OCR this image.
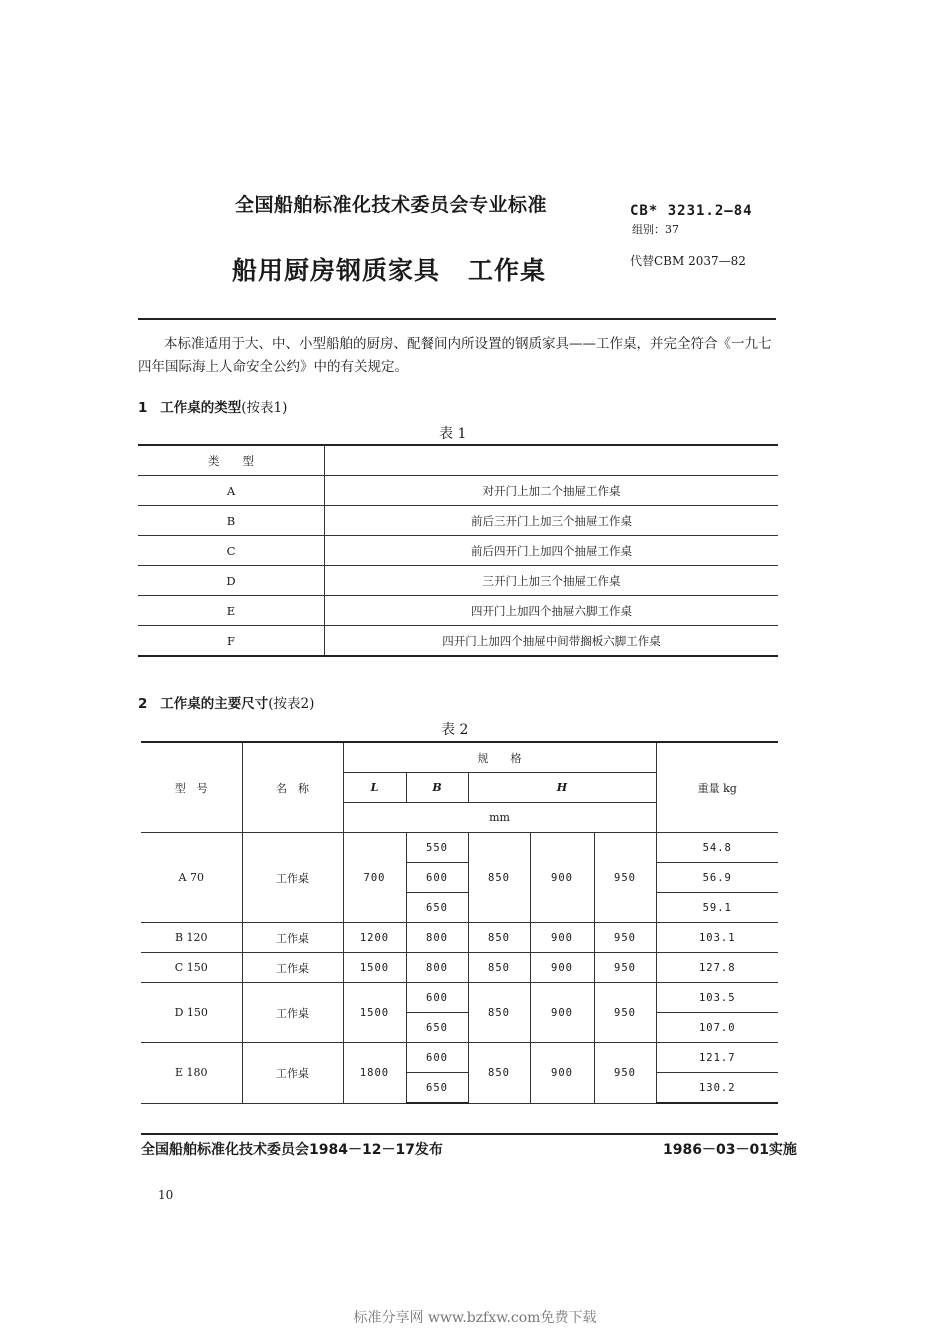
全国船舶标准化技术委员会专业标准
船用厨房钢质家具 工作桌
CB* 3231.2—84
组别：37
代替CBM 2037—82
本标准适用于大、中、小型船舶的厨房、配餐间内所设置的钢质家具——工作桌，并完全符合《一九七四年国际海上人命安全公约》中的有关规定。
1 工作桌的类型(按表1)
表 1
类　　型	
A	对开门上加二个抽屉工作桌
B	前后三开门上加三个抽屉工作桌
C	前后四开门上加四个抽屉工作桌
D	三开门上加三个抽屉工作桌
E	四开门上加四个抽屉六脚工作桌
F	四开门上加四个抽屉中间带搁板六脚工作桌
2 工作桌的主要尺寸(按表2)
表 2
型　号	名　称	规　　格					重量 kg
		L	B	H			
		mm					
A 70	工作桌	700	550	850	900	950	54.8
			600				56.9
			650				59.1
B 120	工作桌	1200	800	850	900	950	103.1
C 150	工作桌	1500	800	850	900	950	127.8
D 150	工作桌	1500	600	850	900	950	103.5
			650				107.0
E 180	工作桌	1800	600	850	900	950	121.7
			650				130.2
全国船舶标准化技术委员会1984－12－17发布	1986－03－01实施
10
标准分享网 www.bzfxw.com免费下载
